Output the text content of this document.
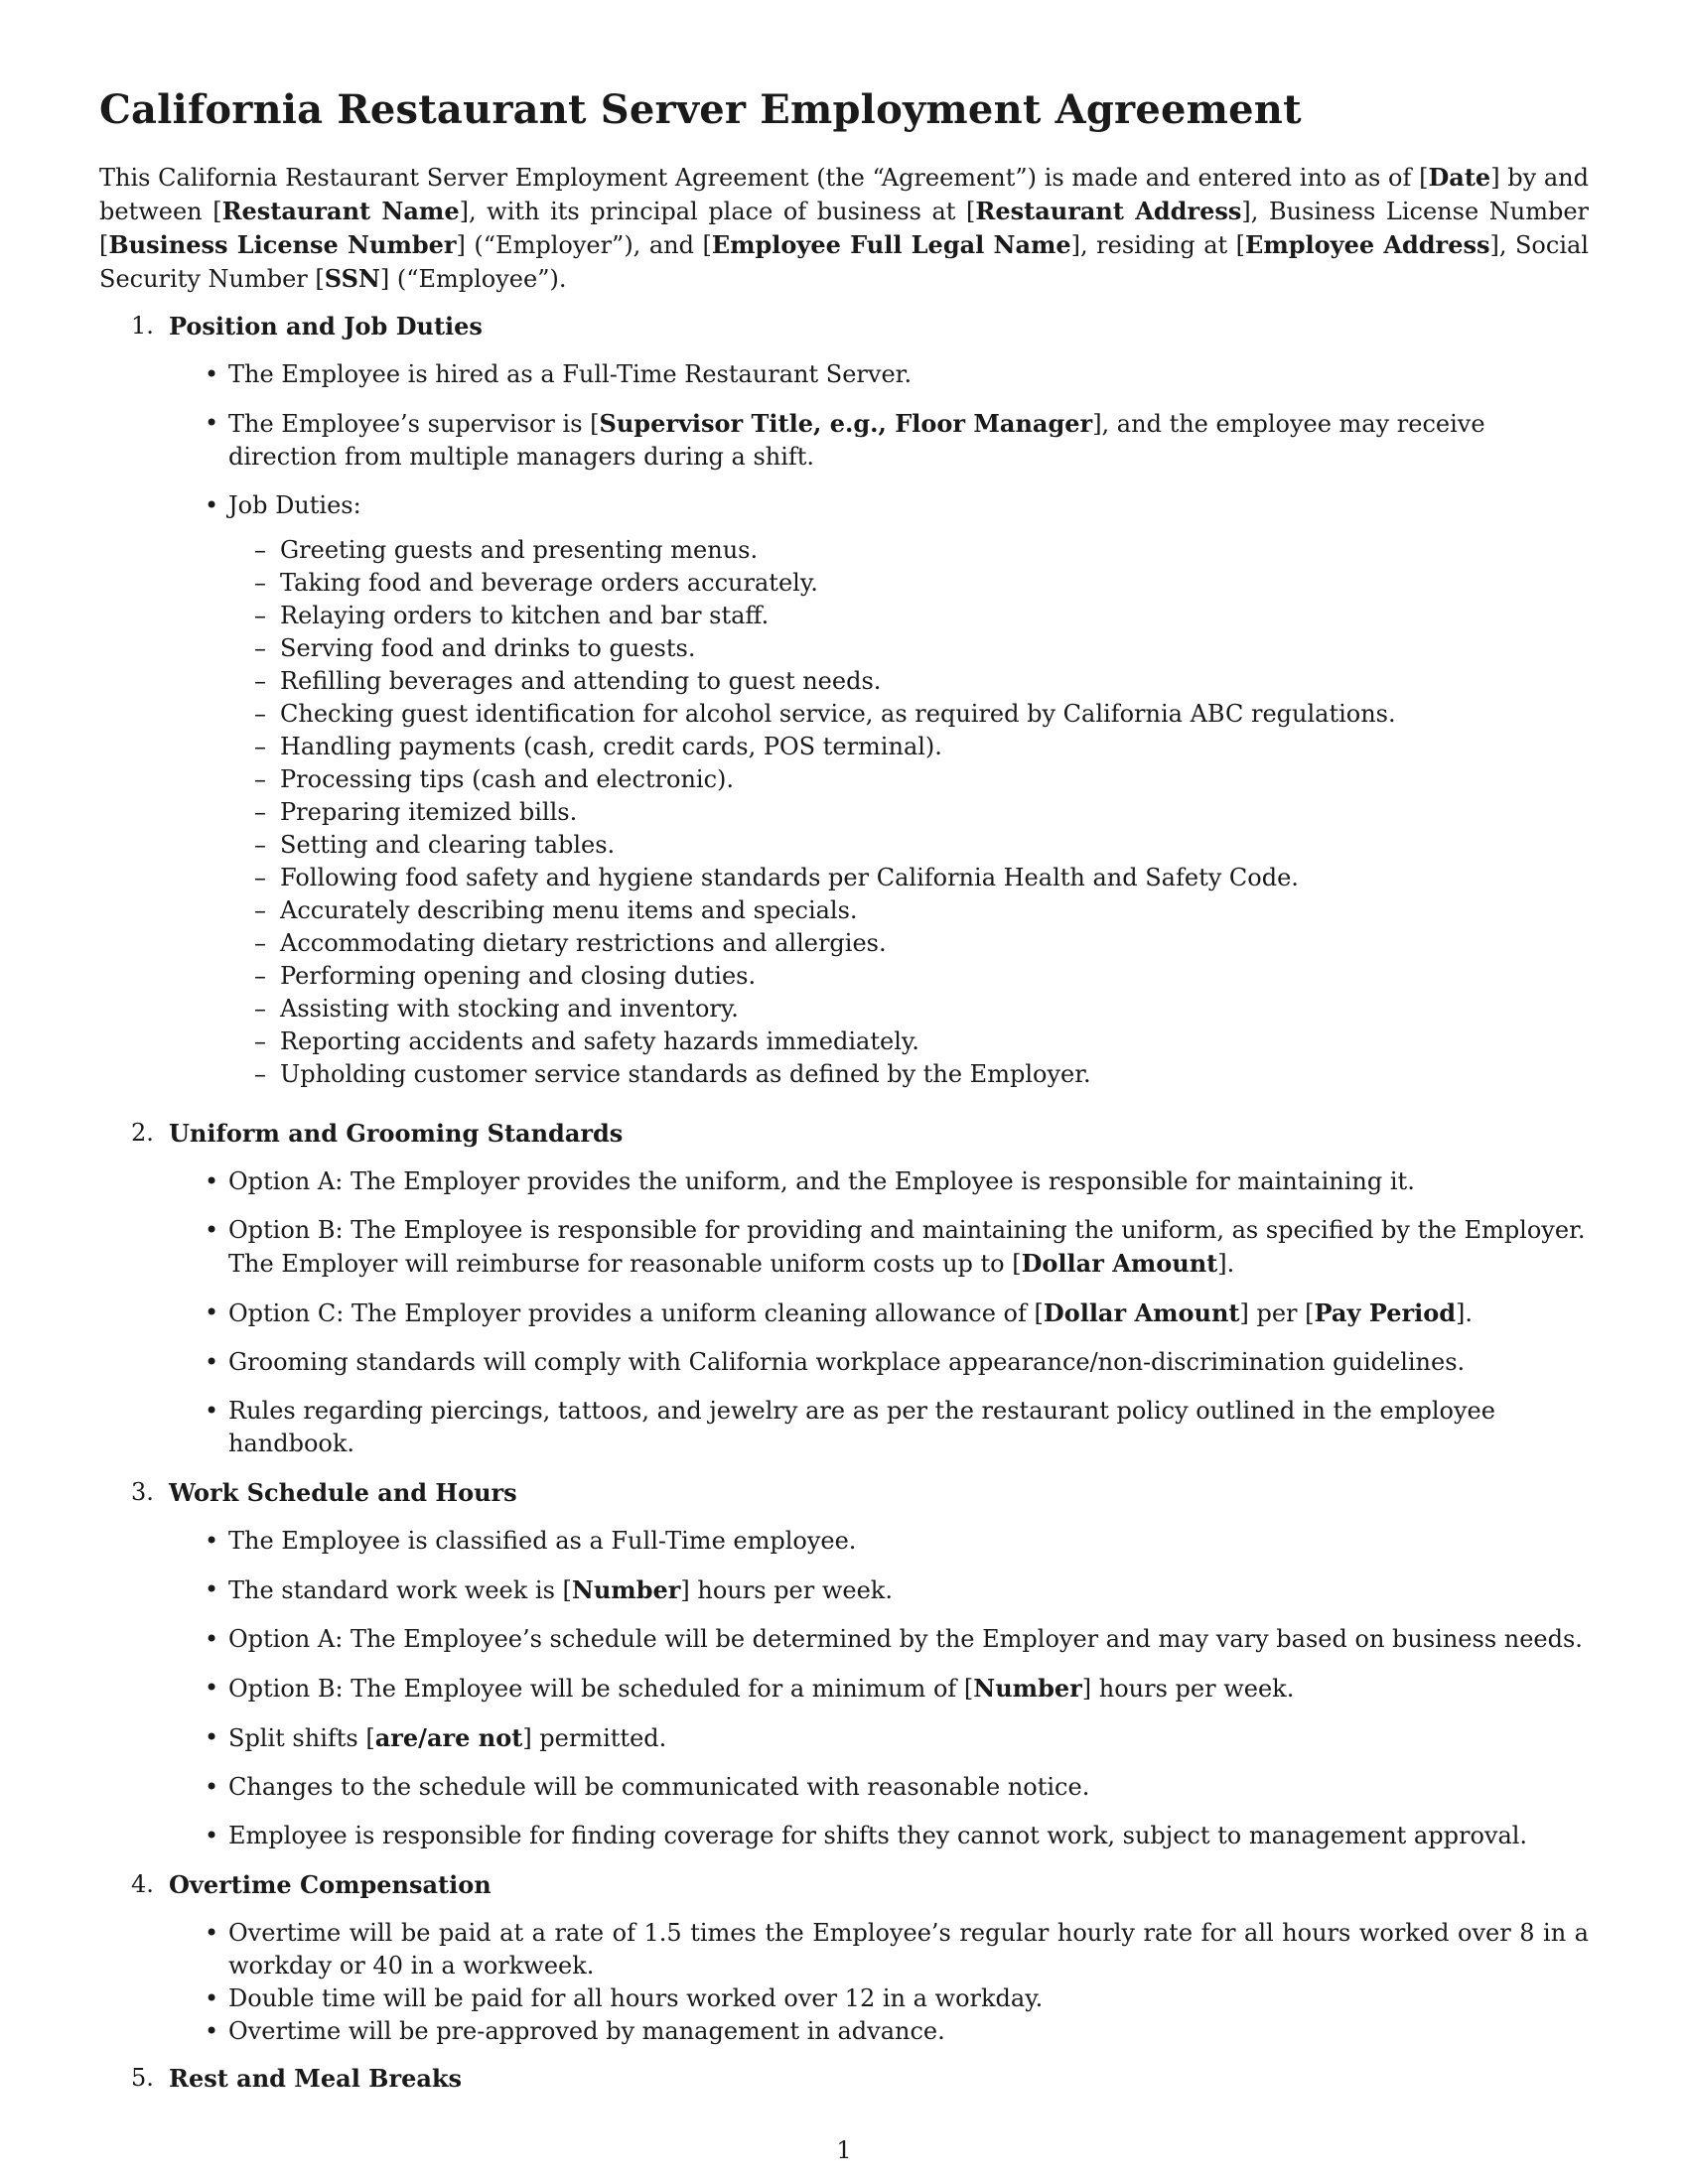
California Restaurant Server Employment Agreement

This California Restaurant Server Employment Agreement (the “Agreement”) is made and entered into as of [Date] by and between [Restaurant Name], with its principal place of business at [Restaurant Address], Business License Number [Business License Number] (“Employer”), and [Employee Full Legal Name], residing at [Employee Address], Social Security Number [SSN] (“Employee”).

1. Position and Job Duties
• The Employee is hired as a Full-Time Restaurant Server.
• The Employee’s supervisor is [Supervisor Title, e.g., Floor Manager], and the employee may receive direction from multiple managers during a shift.
• Job Duties:
– Greeting guests and presenting menus.
– Taking food and beverage orders accurately.
– Relaying orders to kitchen and bar staff.
– Serving food and drinks to guests.
– Refilling beverages and attending to guest needs.
– Checking guest identification for alcohol service, as required by California ABC regulations.
– Handling payments (cash, credit cards, POS terminal).
– Processing tips (cash and electronic).
– Preparing itemized bills.
– Setting and clearing tables.
– Following food safety and hygiene standards per California Health and Safety Code.
– Accurately describing menu items and specials.
– Accommodating dietary restrictions and allergies.
– Performing opening and closing duties.
– Assisting with stocking and inventory.
– Reporting accidents and safety hazards immediately.
– Upholding customer service standards as defined by the Employer.
2. Uniform and Grooming Standards
• Option A: The Employer provides the uniform, and the Employee is responsible for maintaining it.
• Option B: The Employee is responsible for providing and maintaining the uniform, as specified by the Employer. The Employer will reimburse for reasonable uniform costs up to [Dollar Amount].
• Option C: The Employer provides a uniform cleaning allowance of [Dollar Amount] per [Pay Period].
• Grooming standards will comply with California workplace appearance/non-discrimination guidelines.
• Rules regarding piercings, tattoos, and jewelry are as per the restaurant policy outlined in the employee handbook.
3. Work Schedule and Hours
• The Employee is classified as a Full-Time employee.
• The standard work week is [Number] hours per week.
• Option A: The Employee’s schedule will be determined by the Employer and may vary based on business needs.
• Option B: The Employee will be scheduled for a minimum of [Number] hours per week.
• Split shifts [are/are not] permitted.
• Changes to the schedule will be communicated with reasonable notice.
• Employee is responsible for finding coverage for shifts they cannot work, subject to management approval.
4. Overtime Compensation
• Overtime will be paid at a rate of 1.5 times the Employee’s regular hourly rate for all hours worked over 8 in a workday or 40 in a workweek.
• Double time will be paid for all hours worked over 12 in a workday.
• Overtime will be pre-approved by management in advance.
5. Rest and Meal Breaks
1
